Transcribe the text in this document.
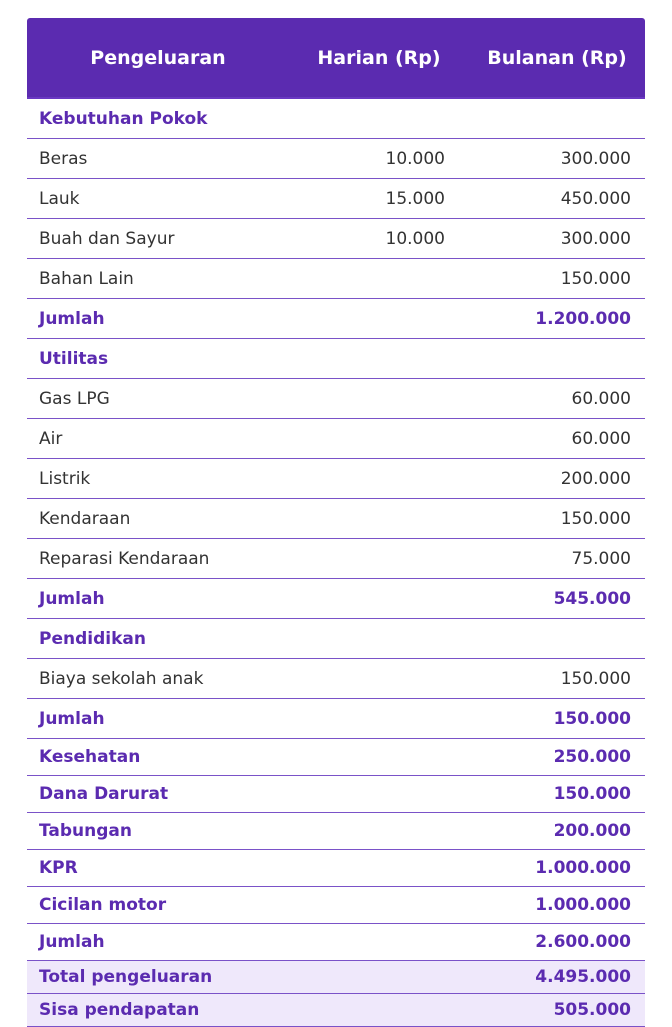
Pengeluaran	Harian (Rp)	Bulanan (Rp)
Kebutuhan Pokok		
Beras	10.000	300.000
Lauk	15.000	450.000
Buah dan Sayur	10.000	300.000
Bahan Lain		150.000
Jumlah		1.200.000
Utilitas		
Gas LPG		60.000
Air		60.000
Listrik		200.000
Kendaraan		150.000
Reparasi Kendaraan		75.000
Jumlah		545.000
Pendidikan		
Biaya sekolah anak		150.000
Jumlah		150.000
Kesehatan		250.000
Dana Darurat		150.000
Tabungan		200.000
KPR		1.000.000
Cicilan motor		1.000.000
Jumlah		2.600.000
Total pengeluaran		4.495.000
Sisa pendapatan		505.000
